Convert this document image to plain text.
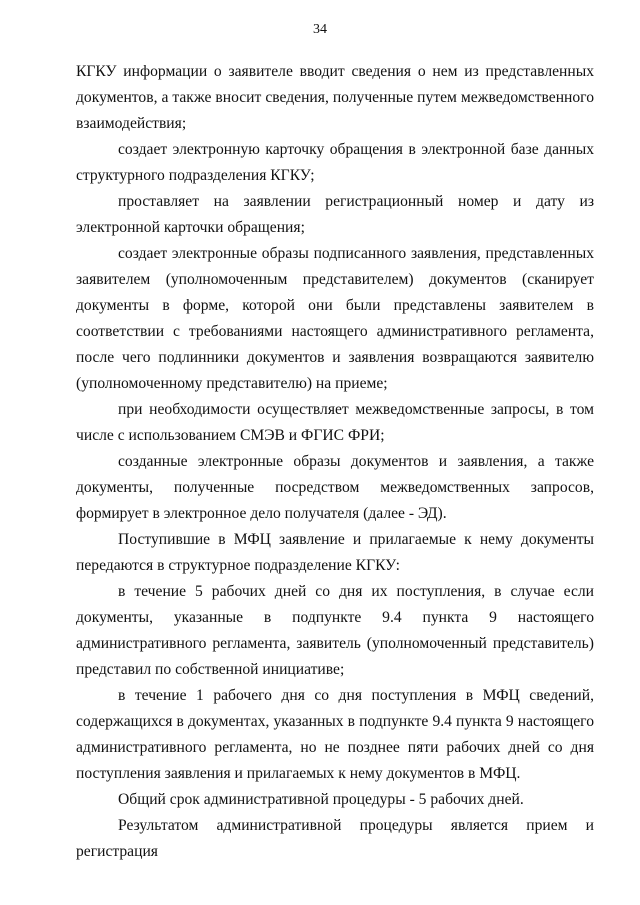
34

КГКУ информации о заявителе вводит сведения о нем из представленных документов, а также вносит сведения, полученные путем межведомственного взаимодействия;

создает электронную карточку обращения в электронной базе данных структурного подразделения КГКУ;

проставляет на заявлении регистрационный номер и дату из электронной карточки обращения;

создает электронные образы подписанного заявления, представленных заявителем (уполномоченным представителем) документов (сканирует документы в форме, которой они были представлены заявителем в соответствии с требованиями настоящего административного регламента, после чего подлинники документов и заявления возвращаются заявителю (уполномоченному представителю) на приеме;

при необходимости осуществляет межведомственные запросы, в том числе с использованием СМЭВ и ФГИС ФРИ;

созданные электронные образы документов и заявления, а также документы, полученные посредством межведомственных запросов, формирует в электронное дело получателя (далее - ЭД).

Поступившие в МФЦ заявление и прилагаемые к нему документы передаются в структурное подразделение КГКУ:

в течение 5 рабочих дней со дня их поступления, в случае если документы, указанные в подпункте 9.4 пункта 9 настоящего административного регламента, заявитель (уполномоченный представитель) представил по собственной инициативе;

в течение 1 рабочего дня со дня поступления в МФЦ сведений, содержащихся в документах, указанных в подпункте 9.4 пункта 9 настоящего административного регламента, но не позднее пяти рабочих дней со дня поступления заявления и прилагаемых к нему документов в МФЦ.

Общий срок административной процедуры - 5 рабочих дней.

Результатом административной процедуры является прием и регистрация
